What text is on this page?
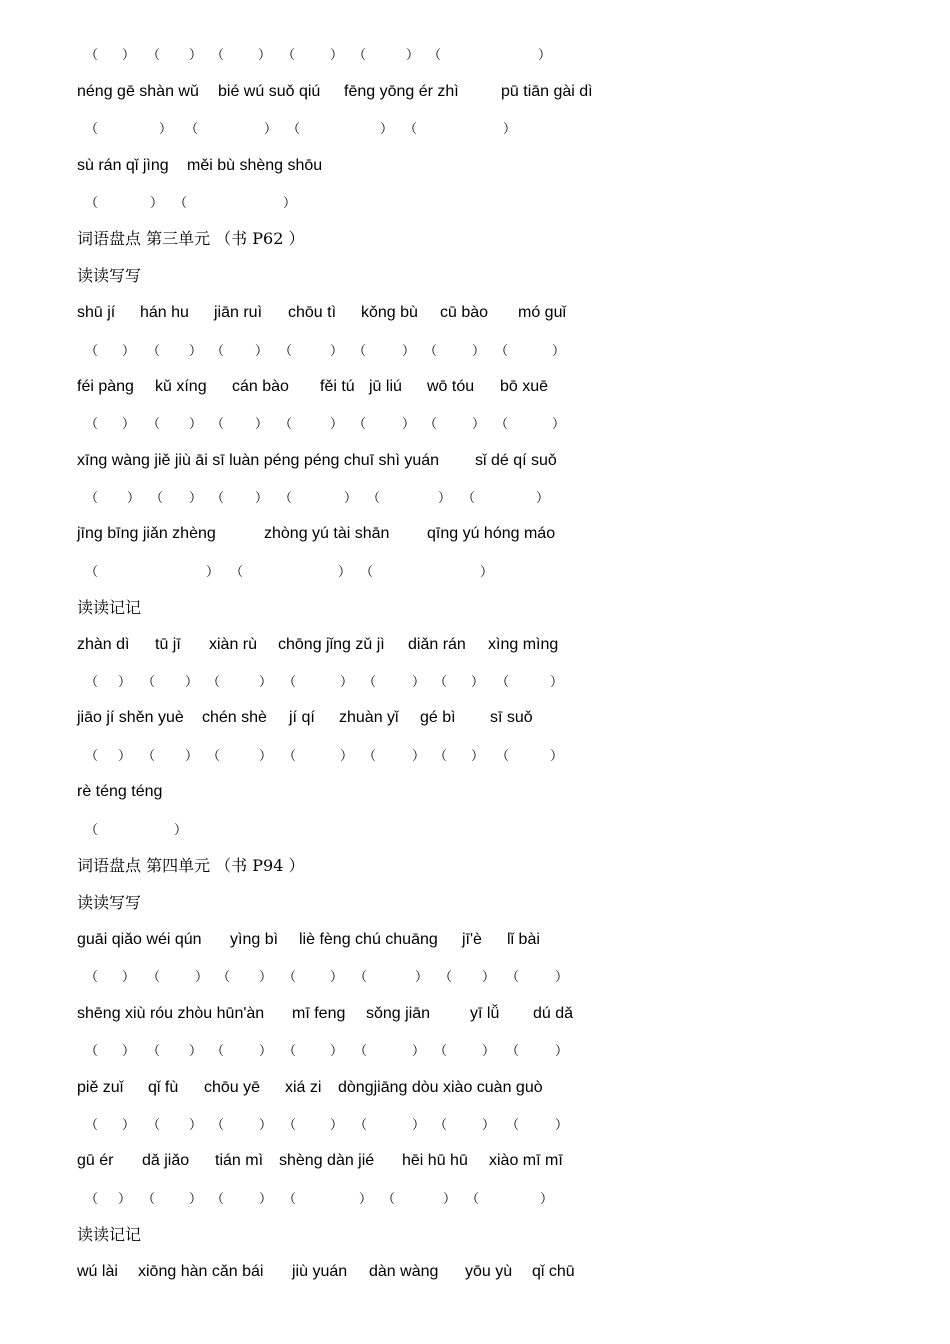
（ ） （ ） （	） （	） （	） （	）
néng gē shàn wǔ bié wú suǒ qiú fēng yōng ér zhì	pū tiān gài dì
（	） （	） （	） （	）
sù rán qǐ jìng měi bù shèng shōu
（	） （	）
词语盘点 第三单元 （书 P62 ）
读读写写
shū jí hán hu jiān ruì chōu tì kǒng bù cū bào mó guǐ
（ ） （ ） （ ） （	） （	） （	） （	）
féi pàng kǔ xíng cán bào fěi tú jū liú wō tóu bō xuē
（ ） （ ） （ ） （	） （	） （	） （	）
xīng wàng jiě jiù āi sī luàn péng péng chuī shì yuán sǐ dé qí suǒ
（ ） （ ） （ ） （	） （	） （	）
jīng bīng jiǎn zhèng	zhòng yú tài shān qīng yú hóng máo
（	） （	） （	）
读读记记
zhàn dì tū jī xiàn rù chōng jǐng zǔ jì diǎn rán xìng mìng
（ ） （ ） （	） （	） （	） （ ） （	）
jiāo jí shěn yuè chén shè jí qí zhuàn yǐ gé bì sī suǒ
（ ） （ ） （	） （	） （	） （ ） （	）
rè téng téng
（	）
词语盘点 第四单元 （书 P94 ）
读读写写
guāi qiǎo wéi qún yìng bì liè fèng chú chuāng jī'è lǐ bài
（ ） （	） （ ） （	） （	） （ ） （	）
shēng xiù róu zhòu hūn'àn mī feng sǒng jiān yī lǚ dú dǎ
（ ） （ ） （	） （	） （	） （	） （	）
piě zuǐ qǐ fù chōu yē xiá zi dòngjiāng dòu xiào cuàn guò
（ ） （ ） （	） （	） （	） （	） （	）
gū ér dǎ jiǎo tián mì shèng dàn jié hēi hū hū xiào mī mī
（ ） （	） （	） （	） （	） （	）
读读记记
wú lài xiōng hàn cǎn bái jiù yuán dàn wàng yōu yù qǐ chū
